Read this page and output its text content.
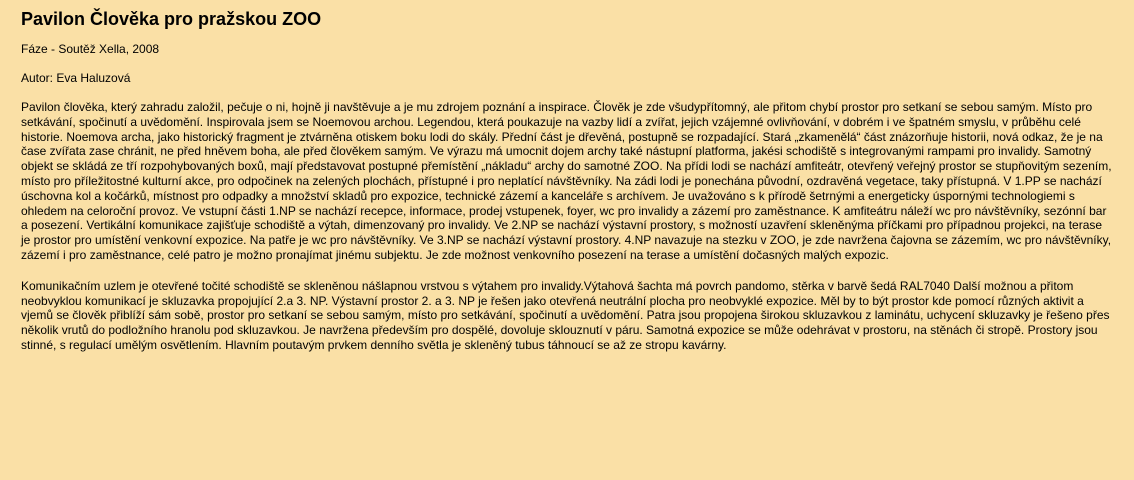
Pavilon Člověka pro pražskou ZOO

Fáze - Soutěž Xella, 2008

Autor: Eva Haluzová

Pavilon člověka, který zahradu založil, pečuje o ni, hojně ji navštěvuje a je mu zdrojem poznání a inspirace. Člověk je zde všudypřítomný, ale přitom chybí prostor pro setkaní se sebou samým. Místo pro setkávání, spočinutí a uvědomění. Inspirovala jsem se Noemovou archou. Legendou, která poukazuje na vazby lidí a zvířat, jejich vzájemné ovlivňování, v dobrém i ve špatném smyslu, v průběhu celé historie. Noemova archa, jako historický fragment je ztvárněna otiskem boku lodi do skály. Přední část je dřevěná, postupně se rozpadající. Stará „zkamenělá“ část znázorňuje historii, nová odkaz, že je na čase zvířata zase chránit, ne před hněvem boha, ale před člověkem samým. Ve výrazu má umocnit dojem archy také nástupní platforma, jakési schodiště s integrovanými rampami pro invalidy. Samotný objekt se skládá ze tří rozpohybovaných boxů, mají představovat postupné přemístění „nákladu“ archy do samotné ZOO. Na přídi lodi se nachází amfiteátr, otevřený veřejný prostor se stupňovitým sezením, místo pro příležitostné kulturní akce, pro odpočinek na zelených plochách, přístupné i pro neplatící návštěvníky. Na zádi lodi je ponechána původní, ozdravěná vegetace, taky přístupná. V 1.PP se nachází úschovna kol a kočárků, místnost pro odpadky a množství skladů pro expozice, technické zázemí a kanceláře s archívem. Je uvažováno s k přírodě šetrnými a energeticky úspornými technologiemi s ohledem na celoroční provoz. Ve vstupní části 1.NP se nachází recepce, informace, prodej vstupenek, foyer, wc pro invalidy a zázemí pro zaměstnance. K amfiteátru náleží wc pro návštěvníky, sezónní bar a posezení. Vertikální komunikace zajišťuje schodiště a výtah, dimenzovaný pro invalidy. Ve 2.NP se nachází výstavní prostory, s možností uzavření skleněnýma příčkami pro případnou projekci, na terase je prostor pro umístění venkovní expozice. Na patře je wc pro návštěvníky. Ve 3.NP se nachází výstavní prostory. 4.NP navazuje na stezku v ZOO, je zde navržena čajovna se zázemím, wc pro návštěvníky, zázemí i pro zaměstnance, celé patro je možno pronajímat jinému subjektu. Je zde možnost venkovního posezení na terase a umístění dočasných malých expozic.

Komunikačním uzlem je otevřené točité schodiště se skleněnou nášlapnou vrstvou s výtahem pro invalidy.Výtahová šachta má povrch pandomo, stěrka v barvě šedá RAL7040 Další možnou a přitom neobvyklou komunikací je skluzavka propojující 2.a 3. NP. Výstavní prostor 2. a 3. NP je řešen jako otevřená neutrální plocha pro neobvyklé expozice. Měl by to být prostor kde pomocí různých aktivit a vjemů se člověk přiblíží sám sobě, prostor pro setkaní se sebou samým, místo pro setkávání, spočinutí a uvědomění. Patra jsou propojena širokou skluzavkou z laminátu, uchycení skluzavky je řešeno přes několik vrutů do podložního hranolu pod skluzavkou. Je navržena především pro dospělé, dovoluje sklouznutí v páru. Samotná expozice se může odehrávat v prostoru, na stěnách či stropě. Prostory jsou stinné, s regulací umělým osvětlením. Hlavním poutavým prvkem denního světla je skleněný tubus táhnoucí se až ze stropu kavárny.
